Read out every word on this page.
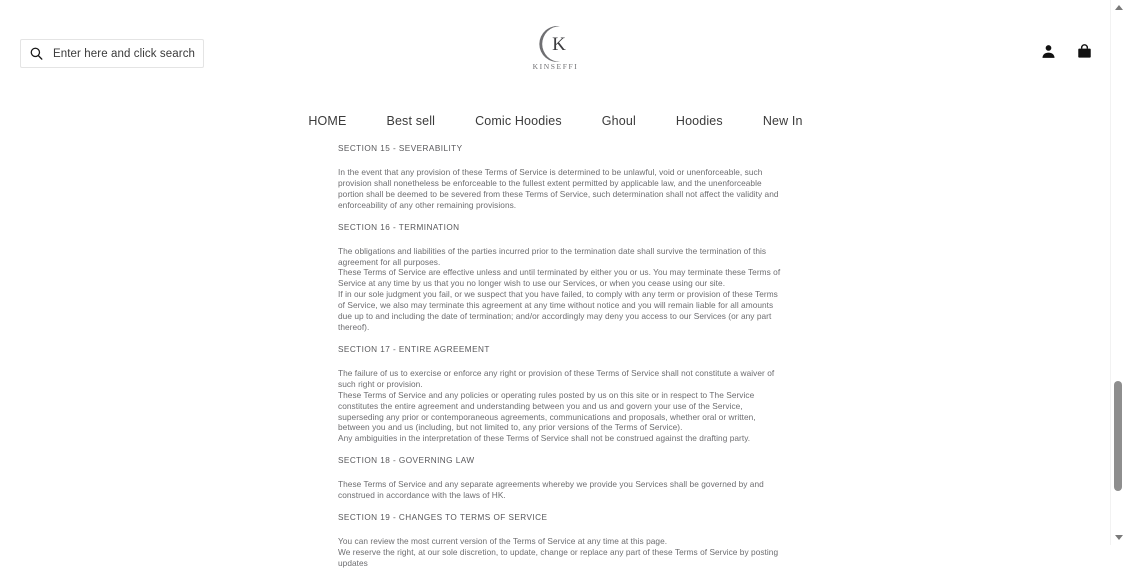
Enter here and click search
K
KINSEFFI
HOME	Best sell	Comic Hoodies	Ghoul	Hoodies	New In
SECTION 15 - SEVERABILITY

In the event that any provision of these Terms of Service is determined to be unlawful, void or unenforceable, such provision shall nonetheless be enforceable to the fullest extent permitted by applicable law, and the unenforceable portion shall be deemed to be severed from these Terms of Service, such determination shall not affect the validity and enforceability of any other remaining provisions.

SECTION 16 - TERMINATION

The obligations and liabilities of the parties incurred prior to the termination date shall survive the termination of this agreement for all purposes.

These Terms of Service are effective unless and until terminated by either you or us. You may terminate these Terms of Service at any time by us that you no longer wish to use our Services, or when you cease using our site.

If in our sole judgment you fail, or we suspect that you have failed, to comply with any term or provision of these Terms of Service, we also may terminate this agreement at any time without notice and you will remain liable for all amounts due up to and including the date of termination; and/or accordingly may deny you access to our Services (or any part thereof).

SECTION 17 - ENTIRE AGREEMENT

The failure of us to exercise or enforce any right or provision of these Terms of Service shall not constitute a waiver of such right or provision.

These Terms of Service and any policies or operating rules posted by us on this site or in respect to The Service constitutes the entire agreement and understanding between you and us and govern your use of the Service, superseding any prior or contemporaneous agreements, communications and proposals, whether oral or written, between you and us (including, but not limited to, any prior versions of the Terms of Service).

Any ambiguities in the interpretation of these Terms of Service shall not be construed against the drafting party.

SECTION 18 - GOVERNING LAW

These Terms of Service and any separate agreements whereby we provide you Services shall be governed by and construed in accordance with the laws of HK.

SECTION 19 - CHANGES TO TERMS OF SERVICE

You can review the most current version of the Terms of Service at any time at this page.

We reserve the right, at our sole discretion, to update, change or replace any part of these Terms of Service by posting updates
